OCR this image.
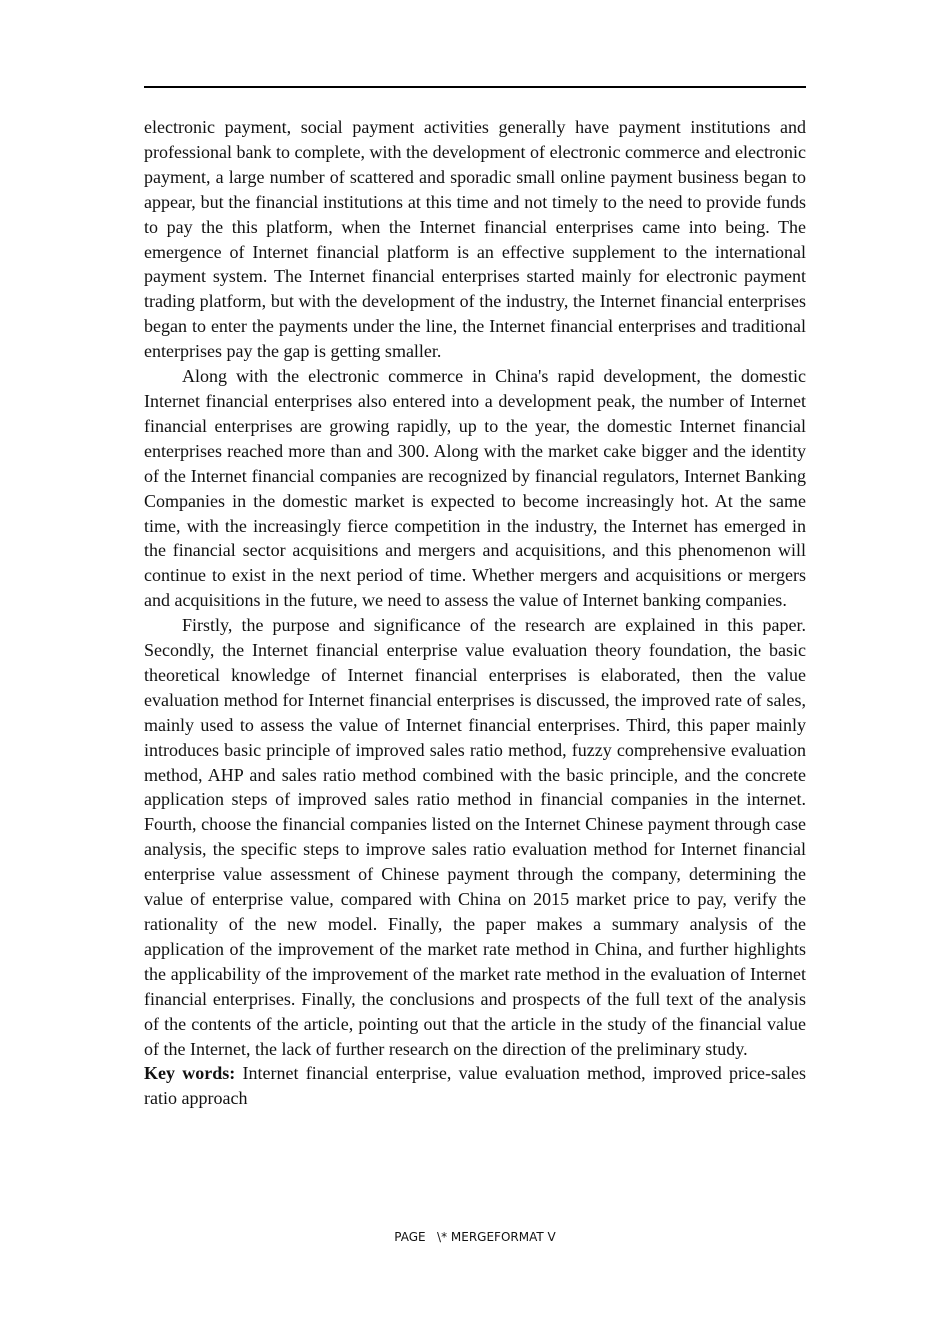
electronic payment, social payment activities generally have payment institutions and professional bank to complete, with the development of electronic commerce and electronic payment, a large number of scattered and sporadic small online payment business began to appear, but the financial institutions at this time and not timely to the need to provide funds to pay the this platform, when the Internet financial enterprises came into being. The emergence of Internet financial platform is an effective supplement to the international payment system. The Internet financial enterprises started mainly for electronic payment trading platform, but with the development of the industry, the Internet financial enterprises began to enter the payments under the line, the Internet financial enterprises and traditional enterprises pay the gap is getting smaller.

Along with the electronic commerce in China's rapid development, the domestic Internet financial enterprises also entered into a development peak, the number of Internet financial enterprises are growing rapidly, up to the year, the domestic Internet financial enterprises reached more than and 300. Along with the market cake bigger and the identity of the Internet financial companies are recognized by financial regulators, Internet Banking Companies in the domestic market is expected to become increasingly hot. At the same time, with the increasingly fierce competition in the industry, the Internet has emerged in the financial sector acquisitions and mergers and acquisitions, and this phenomenon will continue to exist in the next period of time. Whether mergers and acquisitions or mergers and acquisitions in the future, we need to assess the value of Internet banking companies.

Firstly, the purpose and significance of the research are explained in this paper. Secondly, the Internet financial enterprise value evaluation theory foundation, the basic theoretical knowledge of Internet financial enterprises is elaborated, then the value evaluation method for Internet financial enterprises is discussed, the improved rate of sales, mainly used to assess the value of Internet financial enterprises. Third, this paper mainly introduces basic principle of improved sales ratio method, fuzzy comprehensive evaluation method, AHP and sales ratio method combined with the basic principle, and the concrete application steps of improved sales ratio method in financial companies in the internet. Fourth, choose the financial companies listed on the Internet Chinese payment through case analysis, the specific steps to improve sales ratio evaluation method for Internet financial enterprise value assessment of Chinese payment through the company, determining the value of enterprise value, compared with China on 2015 market price to pay, verify the rationality of the new model. Finally, the paper makes a summary analysis of the application of the improvement of the market rate method in China, and further highlights the applicability of the improvement of the market rate method in the evaluation of Internet financial enterprises. Finally, the conclusions and prospects of the full text of the analysis of the contents of the article, pointing out that the article in the study of the financial value of the Internet, the lack of further research on the direction of the preliminary study.

Key words: Internet financial enterprise, value evaluation method, improved price-sales ratio approach

PAGE   \* MERGEFORMAT V
